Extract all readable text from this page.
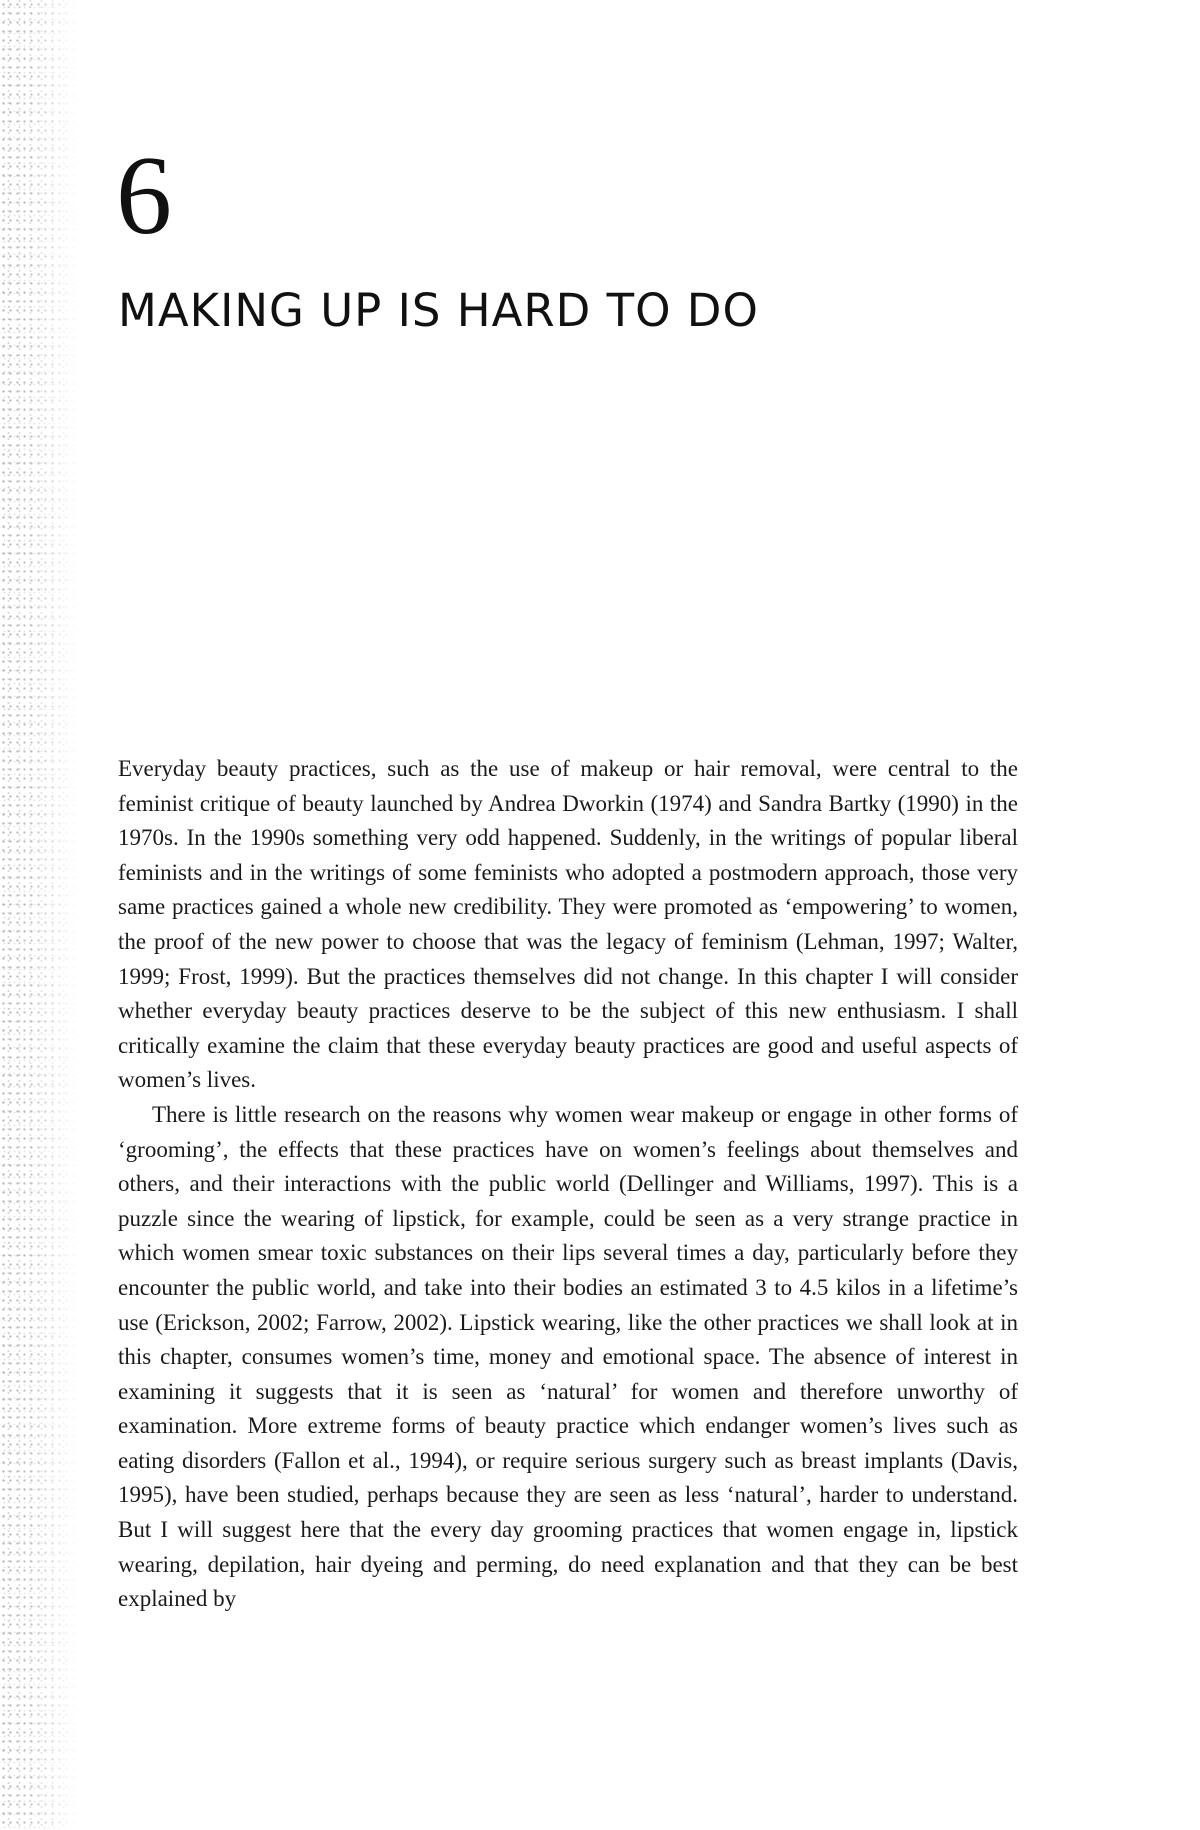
6
MAKING UP IS HARD TO DO

Everyday beauty practices, such as the use of makeup or hair removal, were central to the feminist critique of beauty launched by Andrea Dworkin (1974) and Sandra Bartky (1990) in the 1970s. In the 1990s something very odd happened. Suddenly, in the writings of popular liberal feminists and in the writings of some feminists who adopted a postmodern approach, those very same practices gained a whole new credibility. They were promoted as ‘empowering’ to women, the proof of the new power to choose that was the legacy of feminism (Lehman, 1997; Walter, 1999; Frost, 1999). But the practices themselves did not change. In this chapter I will consider whether everyday beauty practices deserve to be the subject of this new enthusiasm. I shall critically examine the claim that these everyday beauty practices are good and useful aspects of women’s lives.

There is little research on the reasons why women wear makeup or engage in other forms of ‘grooming’, the effects that these practices have on women’s feelings about themselves and others, and their interactions with the public world (Dellinger and Williams, 1997). This is a puzzle since the wearing of lipstick, for example, could be seen as a very strange practice in which women smear toxic substances on their lips several times a day, particularly before they encounter the public world, and take into their bodies an estimated 3 to 4.5 kilos in a lifetime’s use (Erickson, 2002; Farrow, 2002). Lipstick wearing, like the other practices we shall look at in this chapter, consumes women’s time, money and emotional space. The absence of interest in examining it suggests that it is seen as ‘natural’ for women and therefore unworthy of examination. More extreme forms of beauty practice which endanger women’s lives such as eating disorders (Fallon et al., 1994), or require serious surgery such as breast implants (Davis, 1995), have been studied, perhaps because they are seen as less ‘natural’, harder to understand. But I will suggest here that the every day grooming practices that women engage in, lipstick wearing, depilation, hair dyeing and perming, do need explanation and that they can be best explained by
